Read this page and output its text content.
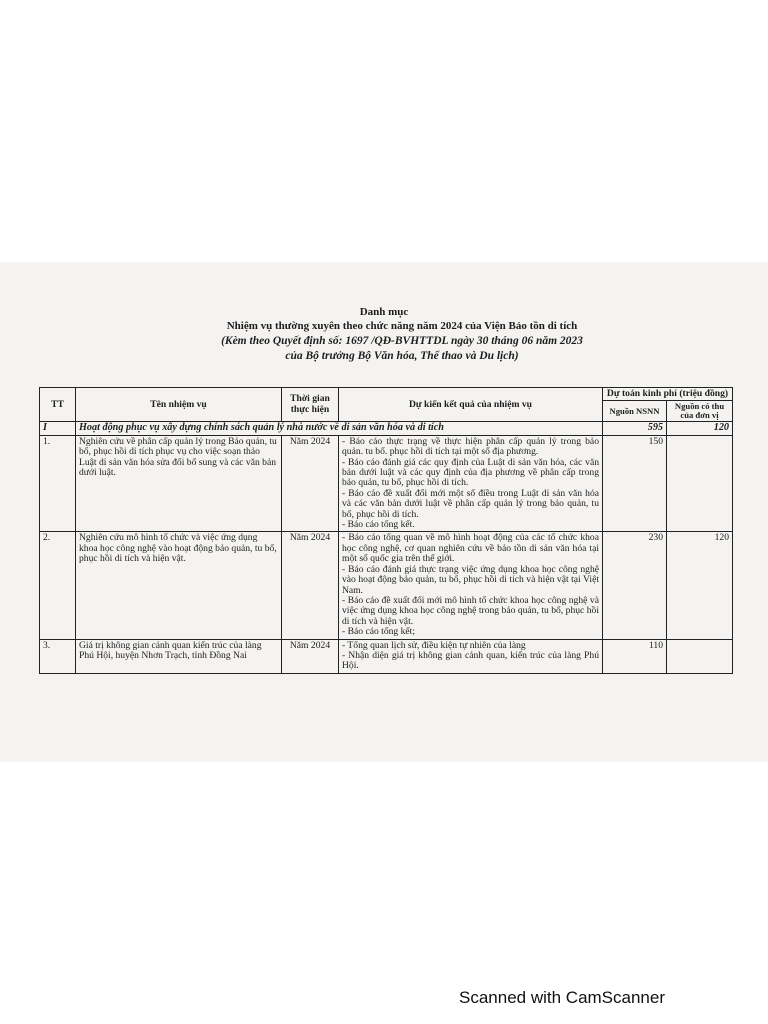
Danh mục
Nhiệm vụ thường xuyên theo chức năng năm 2024 của Viện Bảo tồn di tích
(Kèm theo Quyết định số: 1697 /QĐ-BVHTTDL ngày 30 tháng 06 năm 2023
của Bộ trưởng Bộ Văn hóa, Thể thao và Du lịch)
TT	Tên nhiệm vụ	Thời gian thực hiện	Dự kiến kết quả của nhiệm vụ	Dự toán kinh phí (triệu đồng)	
				Nguồn NSNN	Nguồn có thu của đơn vị
I	Hoạt động phục vụ xây dựng chính sách quản lý nhà nước về di sản văn hóa và di tích			595	120
1.	Nghiên cứu về phân cấp quản lý trong Bảo quản, tu bổ, phục hồi di tích phục vụ cho việc soạn thảo Luật di sản văn hóa sửa đổi bổ sung và các văn bản dưới luật.	Năm 2024	- Báo cáo thực trạng về thực hiện phân cấp quản lý trong bảo quản. tu bổ. phục hồi di tích tại một số địa phương.
- Báo cáo đánh giá các quy định của Luật di sản văn hóa, các văn bản dưới luật và các quy định của địa phương về phân cấp trong bảo quản, tu bổ, phục hồi di tích.
- Báo cáo đề xuất đổi mới một số điều trong Luật di sản văn hóa và các văn bản dưới luật về phân cấp quản lý trong bảo quản, tu bổ, phục hồi di tích.
- Báo cáo tổng kết.	150	
2.	Nghiên cứu mô hình tổ chức và việc ứng dụng khoa học công nghệ vào hoạt động bảo quản, tu bổ, phục hồi di tích và hiện vật.	Năm 2024	- Báo cáo tổng quan về mô hình hoạt động của các tổ chức khoa học công nghệ, cơ quan nghiên cứu về bảo tồn di sản văn hóa tại một số quốc gia trên thế giới.
- Báo cáo đánh giá thực trạng việc ứng dụng khoa học công nghệ vào hoạt động bảo quản, tu bổ, phục hồi di tích và hiện vật tại Việt Nam.
- Báo cáo đề xuất đổi mới mô hình tổ chức khoa học công nghệ và việc ứng dụng khoa học công nghệ trong bảo quản, tu bổ, phục hồi di tích và hiện vật.
- Báo cáo tổng kết;	230	120
3.	Giá trị không gian cảnh quan kiến trúc của làng Phú Hội, huyện Nhơn Trạch, tỉnh Đồng Nai	Năm 2024	- Tổng quan lịch sử, điều kiện tự nhiên của làng
- Nhận diện giá trị không gian cảnh quan, kiến trúc của làng Phú Hội.	110	
Scanned with CamScanner
